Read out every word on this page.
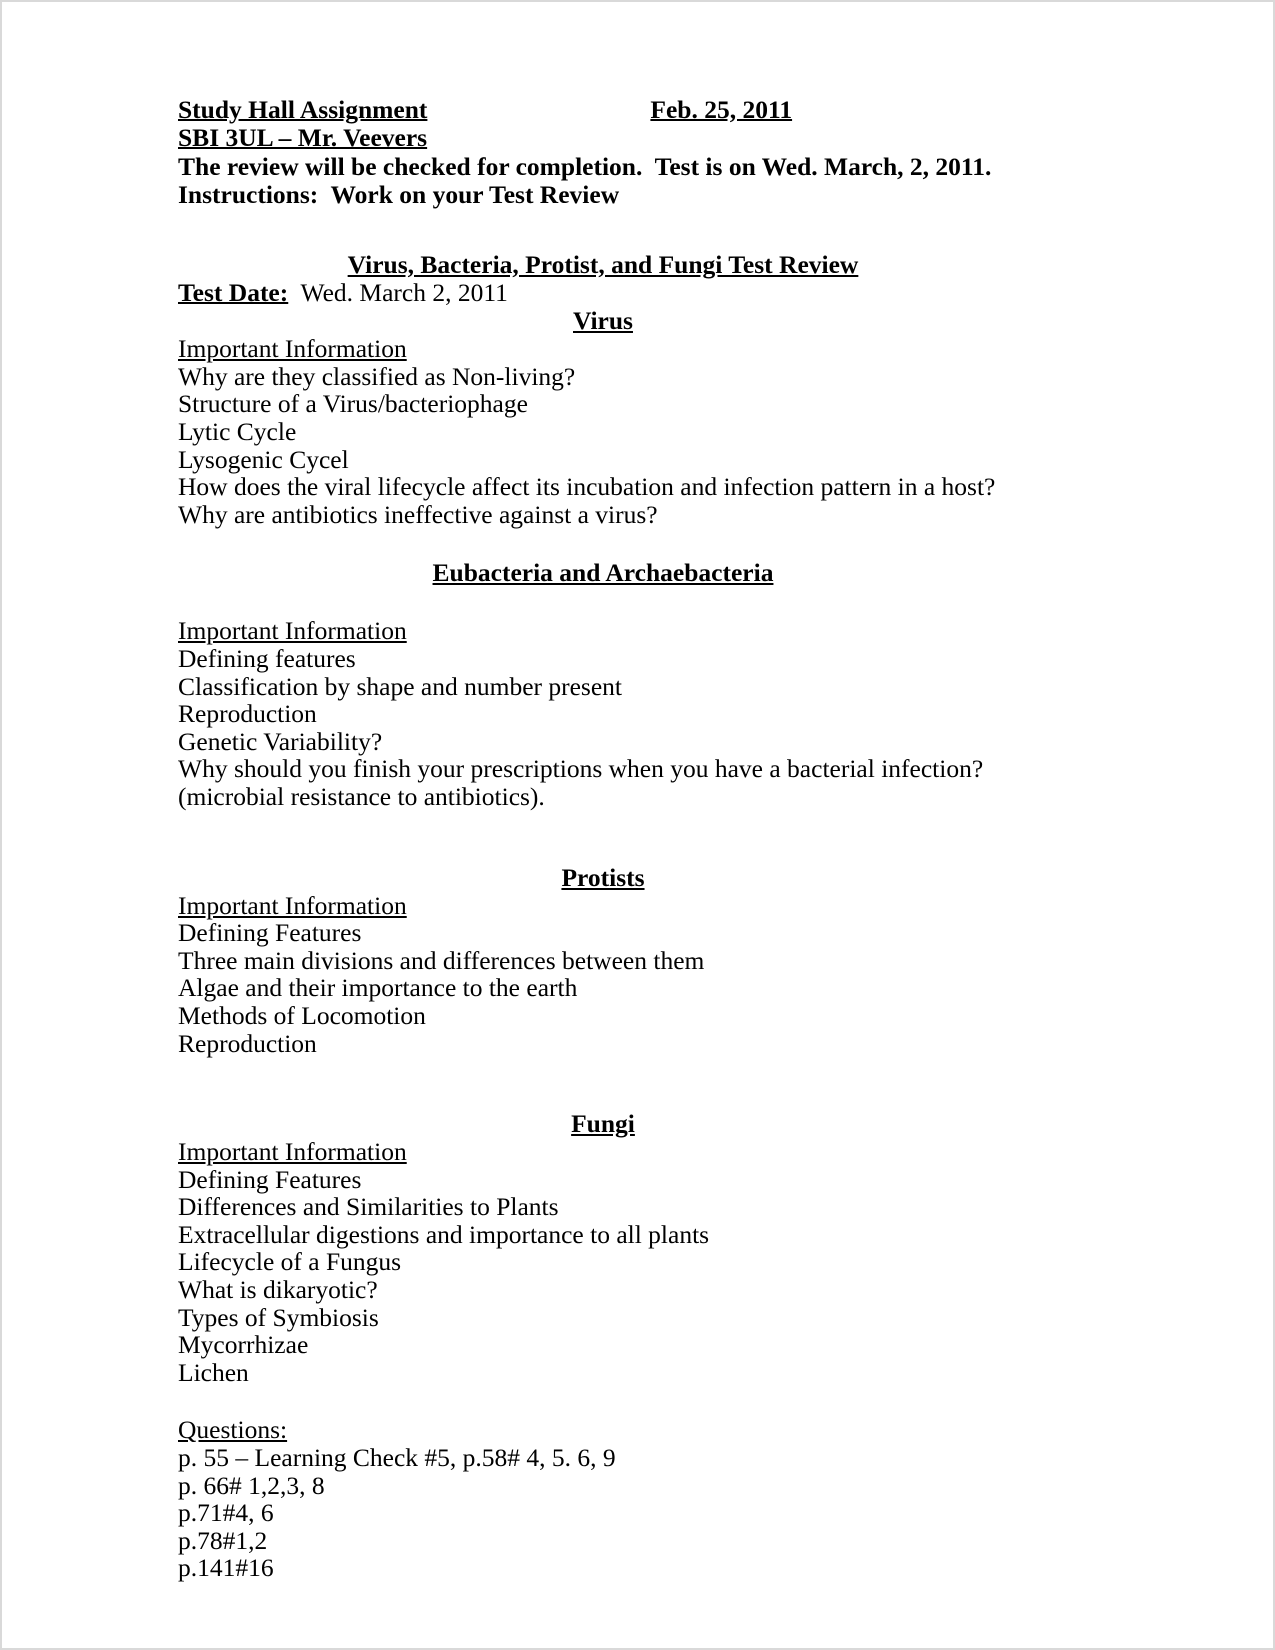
Study Hall Assignment	Feb. 25, 2011
SBI 3UL – Mr. Veevers
The review will be checked for completion.  Test is on Wed. March, 2, 2011.
Instructions:  Work on your Test Review
Virus, Bacteria, Protist, and Fungi Test Review
Test Date: Wed. March 2, 2011
Virus
Important Information
Why are they classified as Non-living?
Structure of a Virus/bacteriophage
Lytic Cycle
Lysogenic Cycel
How does the viral lifecycle affect its incubation and infection pattern in a host?
Why are antibiotics ineffective against a virus?
Eubacteria and Archaebacteria
Important Information
Defining features
Classification by shape and number present
Reproduction
Genetic Variability?
Why should you finish your prescriptions when you have a bacterial infection? (microbial resistance to antibiotics).
Protists
Important Information
Defining Features
Three main divisions and differences between them
Algae and their importance to the earth
Methods of Locomotion
Reproduction
Fungi
Important Information
Defining Features
Differences and Similarities to Plants
Extracellular digestions and importance to all plants
Lifecycle of a Fungus
What is dikaryotic?
Types of Symbiosis
Mycorrhizae
Lichen
Questions:
p. 55 – Learning Check #5, p.58# 4, 5. 6, 9
p. 66# 1,2,3, 8
p.71#4, 6
p.78#1,2
p.141#16
